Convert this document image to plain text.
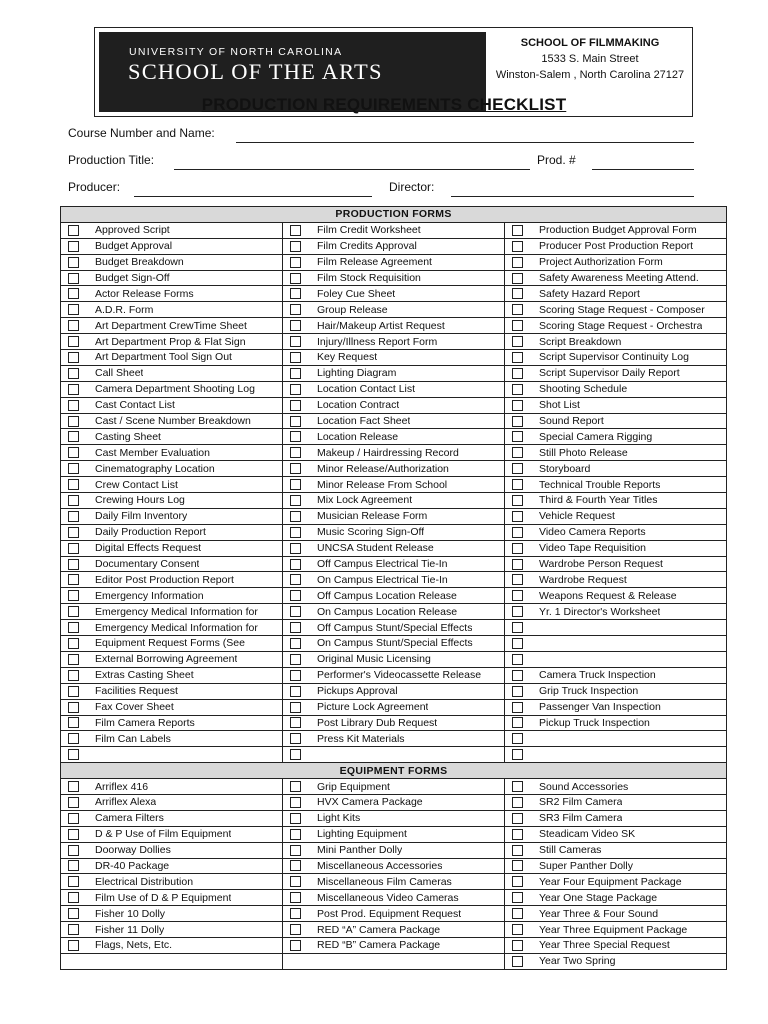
UNIVERSITY OF NORTH CAROLINA
SCHOOL OF THE ARTS
SCHOOL OF FILMMAKING
1533 S. Main Street
Winston-Salem , North Carolina 27127
PRODUCTION REQUIREMENTS CHECKLIST
Course Number and Name:
Production Title:	Prod. #
Producer:	Director:
PRODUCTION FORMS		

Approved Script	Film Credit Worksheet	Production Budget Approval Form

Budget Approval	Film Credits Approval	Producer Post Production Report

Budget Breakdown	Film Release Agreement	Project Authorization Form

Budget Sign-Off	Film Stock Requisition	Safety Awareness Meeting Attend.

Actor Release Forms	Foley Cue Sheet	Safety Hazard Report

A.D.R. Form	Group Release	Scoring Stage Request - Composer

Art Department CrewTime Sheet	Hair/Makeup Artist Request	Scoring Stage Request - Orchestra

Art Department Prop & Flat Sign	Injury/Illness Report Form	Script Breakdown

Art Department Tool Sign Out	Key Request	Script Supervisor Continuity Log

Call Sheet	Lighting Diagram	Script Supervisor Daily Report

Camera Department Shooting Log	Location Contact List	Shooting Schedule

Cast Contact List	Location Contract	Shot List

Cast / Scene Number Breakdown	Location Fact Sheet	Sound Report

Casting Sheet	Location Release	Special Camera Rigging

Cast Member Evaluation	Makeup / Hairdressing Record	Still Photo Release

Cinematography Location	Minor Release/Authorization	Storyboard

Crew Contact List	Minor Release From School	Technical Trouble Reports

Crewing Hours Log	Mix Lock Agreement	Third & Fourth Year Titles

Daily Film Inventory	Musician Release Form	Vehicle Request

Daily Production Report	Music Scoring Sign-Off	Video Camera Reports

Digital Effects Request	UNCSA Student Release	Video Tape Requisition

Documentary Consent	Off Campus Electrical Tie-In	Wardrobe Person Request

Editor Post Production Report	On Campus Electrical Tie-In	Wardrobe Request

Emergency Information	Off Campus Location Release	Weapons Request & Release

Emergency Medical Information for	On Campus Location Release	Yr. 1 Director's Worksheet

Emergency Medical Information for	Off Campus Stunt/Special Effects	

Equipment Request Forms (See	On Campus Stunt/Special Effects	

External Borrowing Agreement	Original Music Licensing	

Extras Casting Sheet	Performer's Videocassette Release	Camera Truck Inspection

Facilities Request	Pickups Approval	Grip Truck Inspection

Fax Cover Sheet	Picture Lock Agreement	Passenger Van Inspection

Film Camera Reports	Post Library Dub Request	Pickup Truck Inspection

Film Can Labels	Press Kit Materials	

EQUIPMENT FORMS		

Arriflex 416	Grip Equipment	Sound Accessories

Arriflex Alexa	HVX Camera Package	SR2 Film Camera

Camera Filters	Light Kits	SR3 Film Camera

D & P Use of Film Equipment	Lighting Equipment	Steadicam Video SK

Doorway Dollies	Mini Panther Dolly	Still Cameras

DR-40 Package	Miscellaneous Accessories	Super Panther Dolly

Electrical Distribution	Miscellaneous Film Cameras	Year Four Equipment Package

Film Use of D & P Equipment	Miscellaneous Video Cameras	Year One Stage Package

Fisher 10 Dolly	Post Prod. Equipment Request	Year Three & Four Sound

Fisher 11 Dolly	RED “A” Camera Package	Year Three Equipment Package

Flags, Nets, Etc.	RED “B” Camera Package	Year Three Special Request

		Year Two Spring
